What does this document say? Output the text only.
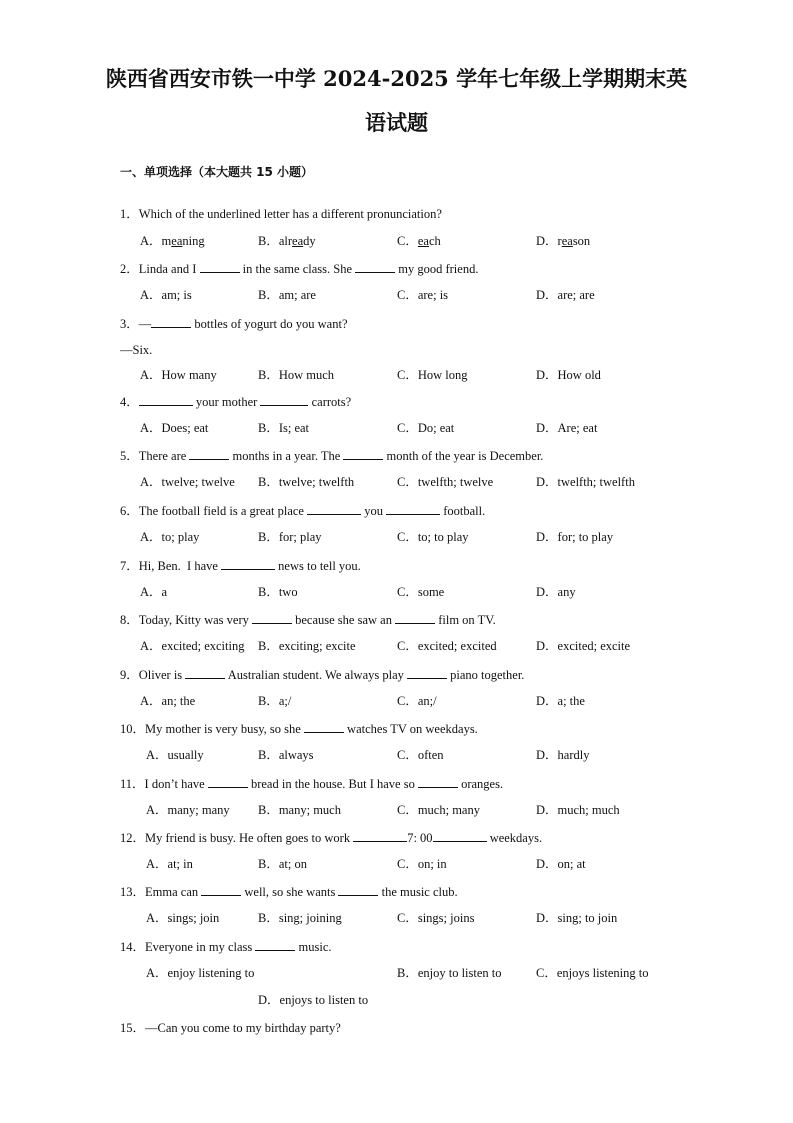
陕西省西安市铁一中学 2024-2025 学年七年级上学期期末英
语试题
一、单项选择（本大题共 15 小题）
1．Which of the underlined letter has a different pronunciation?
A．meaning	B．already	C．each	D．reason
2．Linda and I	in the same class. She	my good friend.
A．am; is	B．am; are	C．are; is	D．are; are
3．—	bottles of yogurt do you want?
—Six.
A．How many	B．How much	C．How long	D．How old
4．	your mother	carrots?
A．Does; eat	B．Is; eat	C．Do; eat	D．Are; eat
5．There are	months in a year. The	month of the year is December.
A．twelve; twelve B．twelve; twelfth	C．twelfth; twelve	D．twelfth; twelfth
6．The football field is a great place	you	football.
A．to; play	B．for; play	C．to; to play	D．for; to play
7．Hi, Ben.  I have	news to tell you.
A．a	B．two	C．some	D．any
8．Today, Kitty was very	because she saw an	film on TV.
A．excited; exciting B．exciting; excite	C．excited; excited	D．excited; excite
9．Oliver is	Australian student. We always play	piano together.
A．an; the	B．a;/	C．an;/	D．a; the
10．My mother is very busy, so she	watches TV on weekdays.
A．usually	B．always	C．often	D．hardly
11．I don’t have	bread in the house. But I have so	oranges.
A．many; many B．many; much	C．much; many	D．much; much
12．My friend is busy. He often goes to work	7: 00	weekdays.
A．at; in	B．at; on	C．on; in	D．on; at
13．Emma can	well, so she wants	the music club.
A．sings; join	B．sing; joining	C．sings; joins	D．sing; to join
14．Everyone in my class	music.
A．enjoy listening to	B．enjoy to listen to	C．enjoys listening to
D．enjoys to listen to
15．—Can you come to my birthday party?
